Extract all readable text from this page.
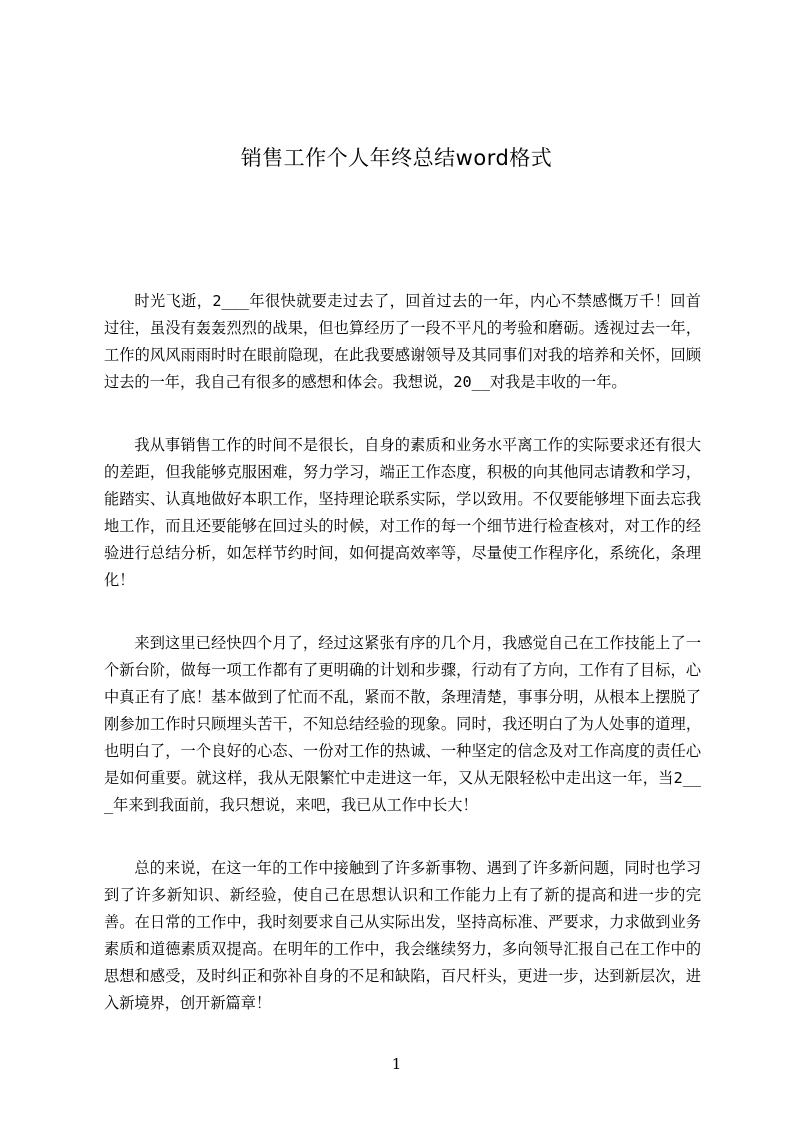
销售工作个人年终总结word格式

时光飞逝，2___年很快就要走过去了，回首过去的一年，内心不禁感慨万千！回首过往，虽没有轰轰烈烈的战果，但也算经历了一段不平凡的考验和磨砺。透视过去一年，工作的风风雨雨时时在眼前隐现，在此我要感谢领导及其同事们对我的培养和关怀，回顾过去的一年，我自己有很多的感想和体会。我想说，20__对我是丰收的一年。

我从事销售工作的时间不是很长，自身的素质和业务水平离工作的实际要求还有很大的差距，但我能够克服困难，努力学习，端正工作态度，积极的向其他同志请教和学习，能踏实、认真地做好本职工作，坚持理论联系实际，学以致用。不仅要能够埋下面去忘我地工作，而且还要能够在回过头的时候，对工作的每一个细节进行检查核对，对工作的经验进行总结分析，如怎样节约时间，如何提高效率等，尽量使工作程序化，系统化，条理化！

来到这里已经快四个月了，经过这紧张有序的几个月，我感觉自己在工作技能上了一个新台阶，做每一项工作都有了更明确的计划和步骤，行动有了方向，工作有了目标，心中真正有了底！基本做到了忙而不乱，紧而不散，条理清楚，事事分明，从根本上摆脱了刚参加工作时只顾埋头苦干，不知总结经验的现象。同时，我还明白了为人处事的道理，也明白了，一个良好的心态、一份对工作的热诚、一种坚定的信念及对工作高度的责任心是如何重要。就这样，我从无限繁忙中走进这一年，又从无限轻松中走出这一年，当2___年来到我面前，我只想说，来吧，我已从工作中长大！

总的来说，在这一年的工作中接触到了许多新事物、遇到了许多新问题，同时也学习到了许多新知识、新经验，使自己在思想认识和工作能力上有了新的提高和进一步的完善。在日常的工作中，我时刻要求自己从实际出发，坚持高标准、严要求，力求做到业务素质和道德素质双提高。在明年的工作中，我会继续努力，多向领导汇报自己在工作中的思想和感受，及时纠正和弥补自身的不足和缺陷，百尺杆头，更进一步，达到新层次，进入新境界，创开新篇章！

1
